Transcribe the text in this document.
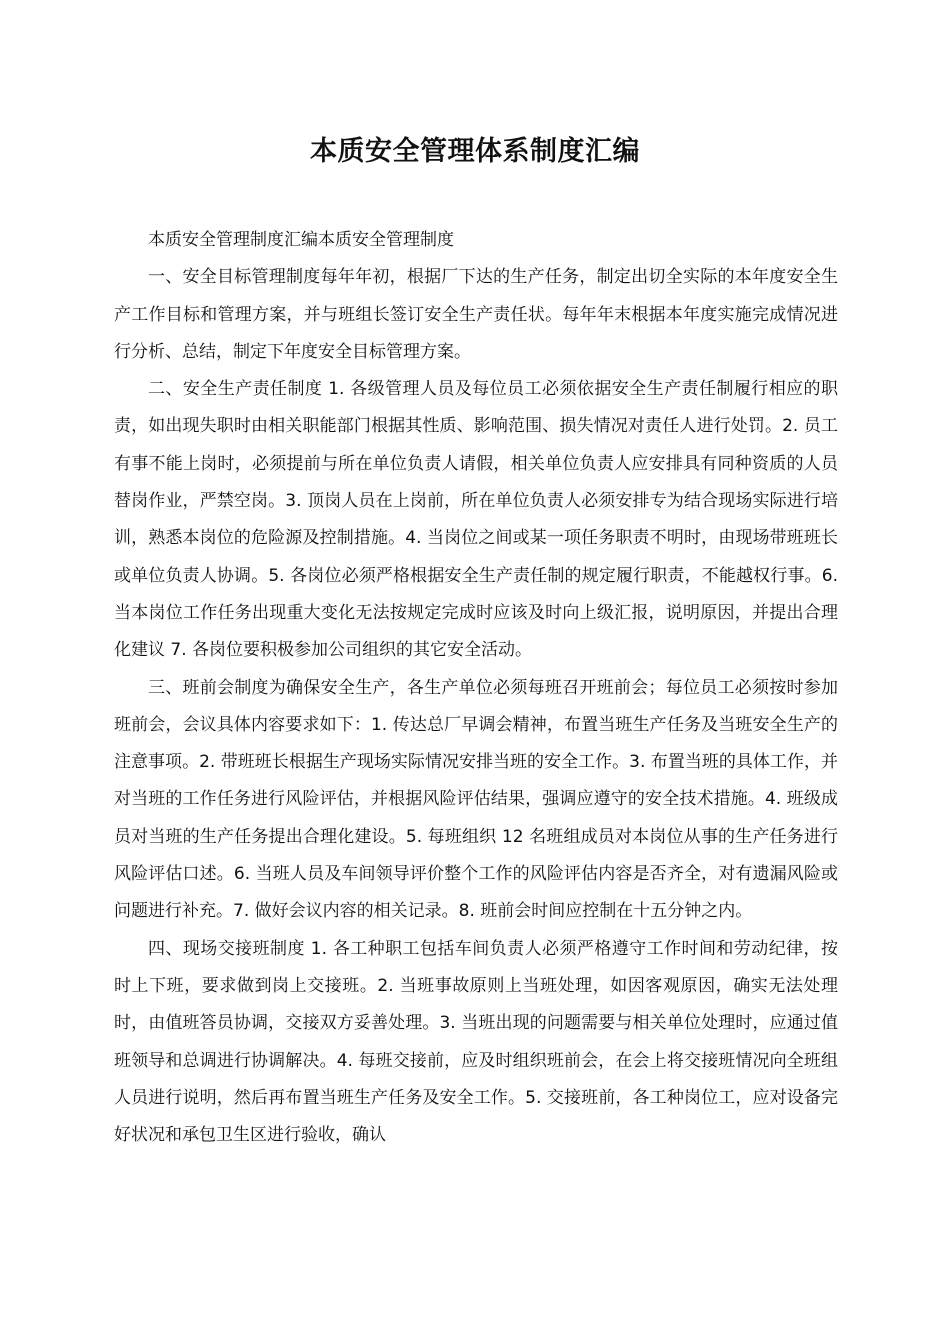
本质安全管理体系制度汇编

本质安全管理制度汇编本质安全管理制度

一、安全目标管理制度每年年初，根据厂下达的生产任务，制定出切全实际的本年度安全生产工作目标和管理方案，并与班组长签订安全生产责任状。每年年末根据本年度实施完成情况进行分析、总结，制定下年度安全目标管理方案。

二、安全生产责任制度 1. 各级管理人员及每位员工必须依据安全生产责任制履行相应的职责，如出现失职时由相关职能部门根据其性质、影响范围、损失情况对责任人进行处罚。2. 员工有事不能上岗时，必须提前与所在单位负责人请假，相关单位负责人应安排具有同种资质的人员替岗作业，严禁空岗。3. 顶岗人员在上岗前，所在单位负责人必须安排专为结合现场实际进行培训，熟悉本岗位的危险源及控制措施。4. 当岗位之间或某一项任务职责不明时，由现场带班班长或单位负责人协调。5. 各岗位必须严格根据安全生产责任制的规定履行职责，不能越权行事。6. 当本岗位工作任务出现重大变化无法按规定完成时应该及时向上级汇报，说明原因，并提出合理化建议 7. 各岗位要积极参加公司组织的其它安全活动。

三、班前会制度为确保安全生产，各生产单位必须每班召开班前会；每位员工必须按时参加班前会，会议具体内容要求如下：1. 传达总厂早调会精神，布置当班生产任务及当班安全生产的注意事项。2. 带班班长根据生产现场实际情况安排当班的安全工作。3. 布置当班的具体工作，并对当班的工作任务进行风险评估，并根据风险评估结果，强调应遵守的安全技术措施。4. 班级成员对当班的生产任务提出合理化建设。5. 每班组织 12 名班组成员对本岗位从事的生产任务进行风险评估口述。6. 当班人员及车间领导评价整个工作的风险评估内容是否齐全，对有遗漏风险或问题进行补充。7. 做好会议内容的相关记录。8. 班前会时间应控制在十五分钟之内。

四、现场交接班制度 1. 各工种职工包括车间负责人必须严格遵守工作时间和劳动纪律，按时上下班，要求做到岗上交接班。2. 当班事故原则上当班处理，如因客观原因，确实无法处理时，由值班答员协调，交接双方妥善处理。3. 当班出现的问题需要与相关单位处理时，应通过值班领导和总调进行协调解决。4. 每班交接前，应及时组织班前会，在会上将交接班情况向全班组人员进行说明，然后再布置当班生产任务及安全工作。5. 交接班前，各工种岗位工，应对设备完好状况和承包卫生区进行验收，确认
